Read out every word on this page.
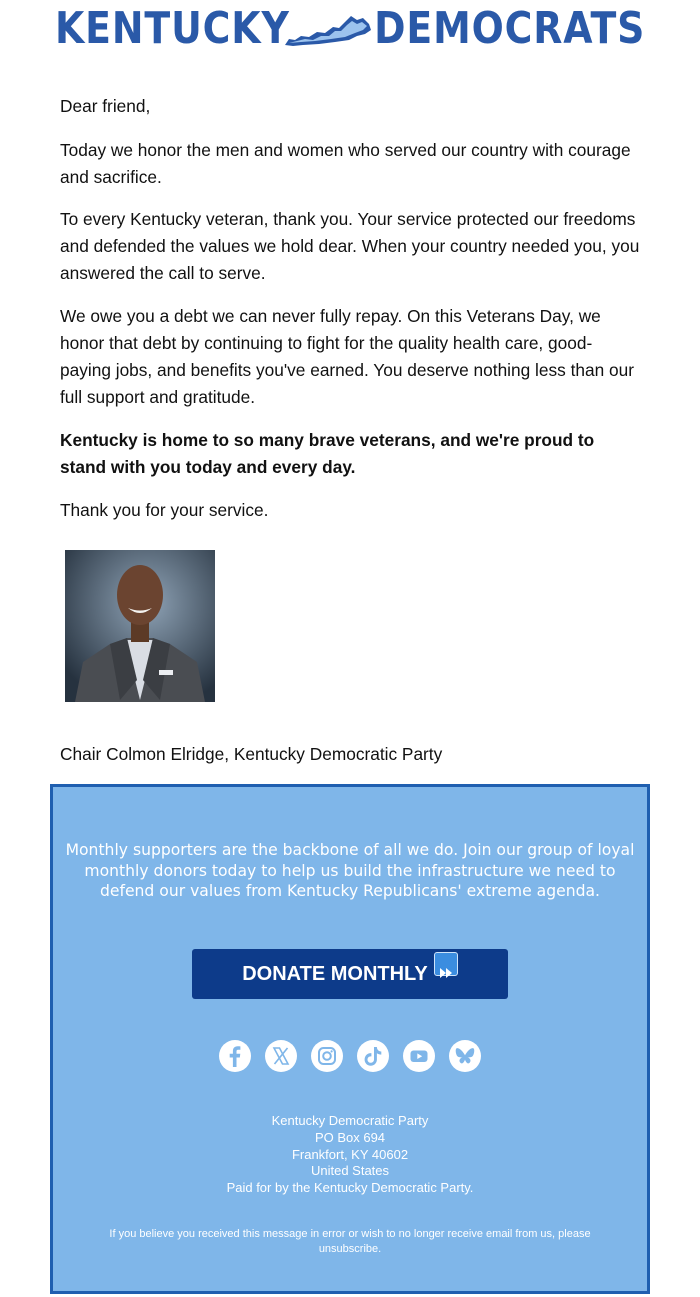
KENTUCKY DEMOCRATS

Dear friend,

Today we honor the men and women who served our country with courage and sacrifice.

To every Kentucky veteran, thank you. Your service protected our freedoms and defended the values we hold dear. When your country needed you, you answered the call to serve.

We owe you a debt we can never fully repay. On this Veterans Day, we honor that debt by continuing to fight for the quality health care, good-paying jobs, and benefits you've earned. You deserve nothing less than our full support and gratitude.

Kentucky is home to so many brave veterans, and we're proud to stand with you today and every day.

Thank you for your service.

Chair Colmon Elridge, Kentucky Democratic Party

Monthly supporters are the backbone of all we do. Join our group of loyal monthly donors today to help us build the infrastructure we need to defend our values from Kentucky Republicans' extreme agenda.

DONATE MONTHLY
Kentucky Democratic Party
PO Box 694
Frankfort, KY 40602
United States
Paid for by the Kentucky Democratic Party.
If you believe you received this message in error or wish to no longer receive email from us, please unsubscribe.
